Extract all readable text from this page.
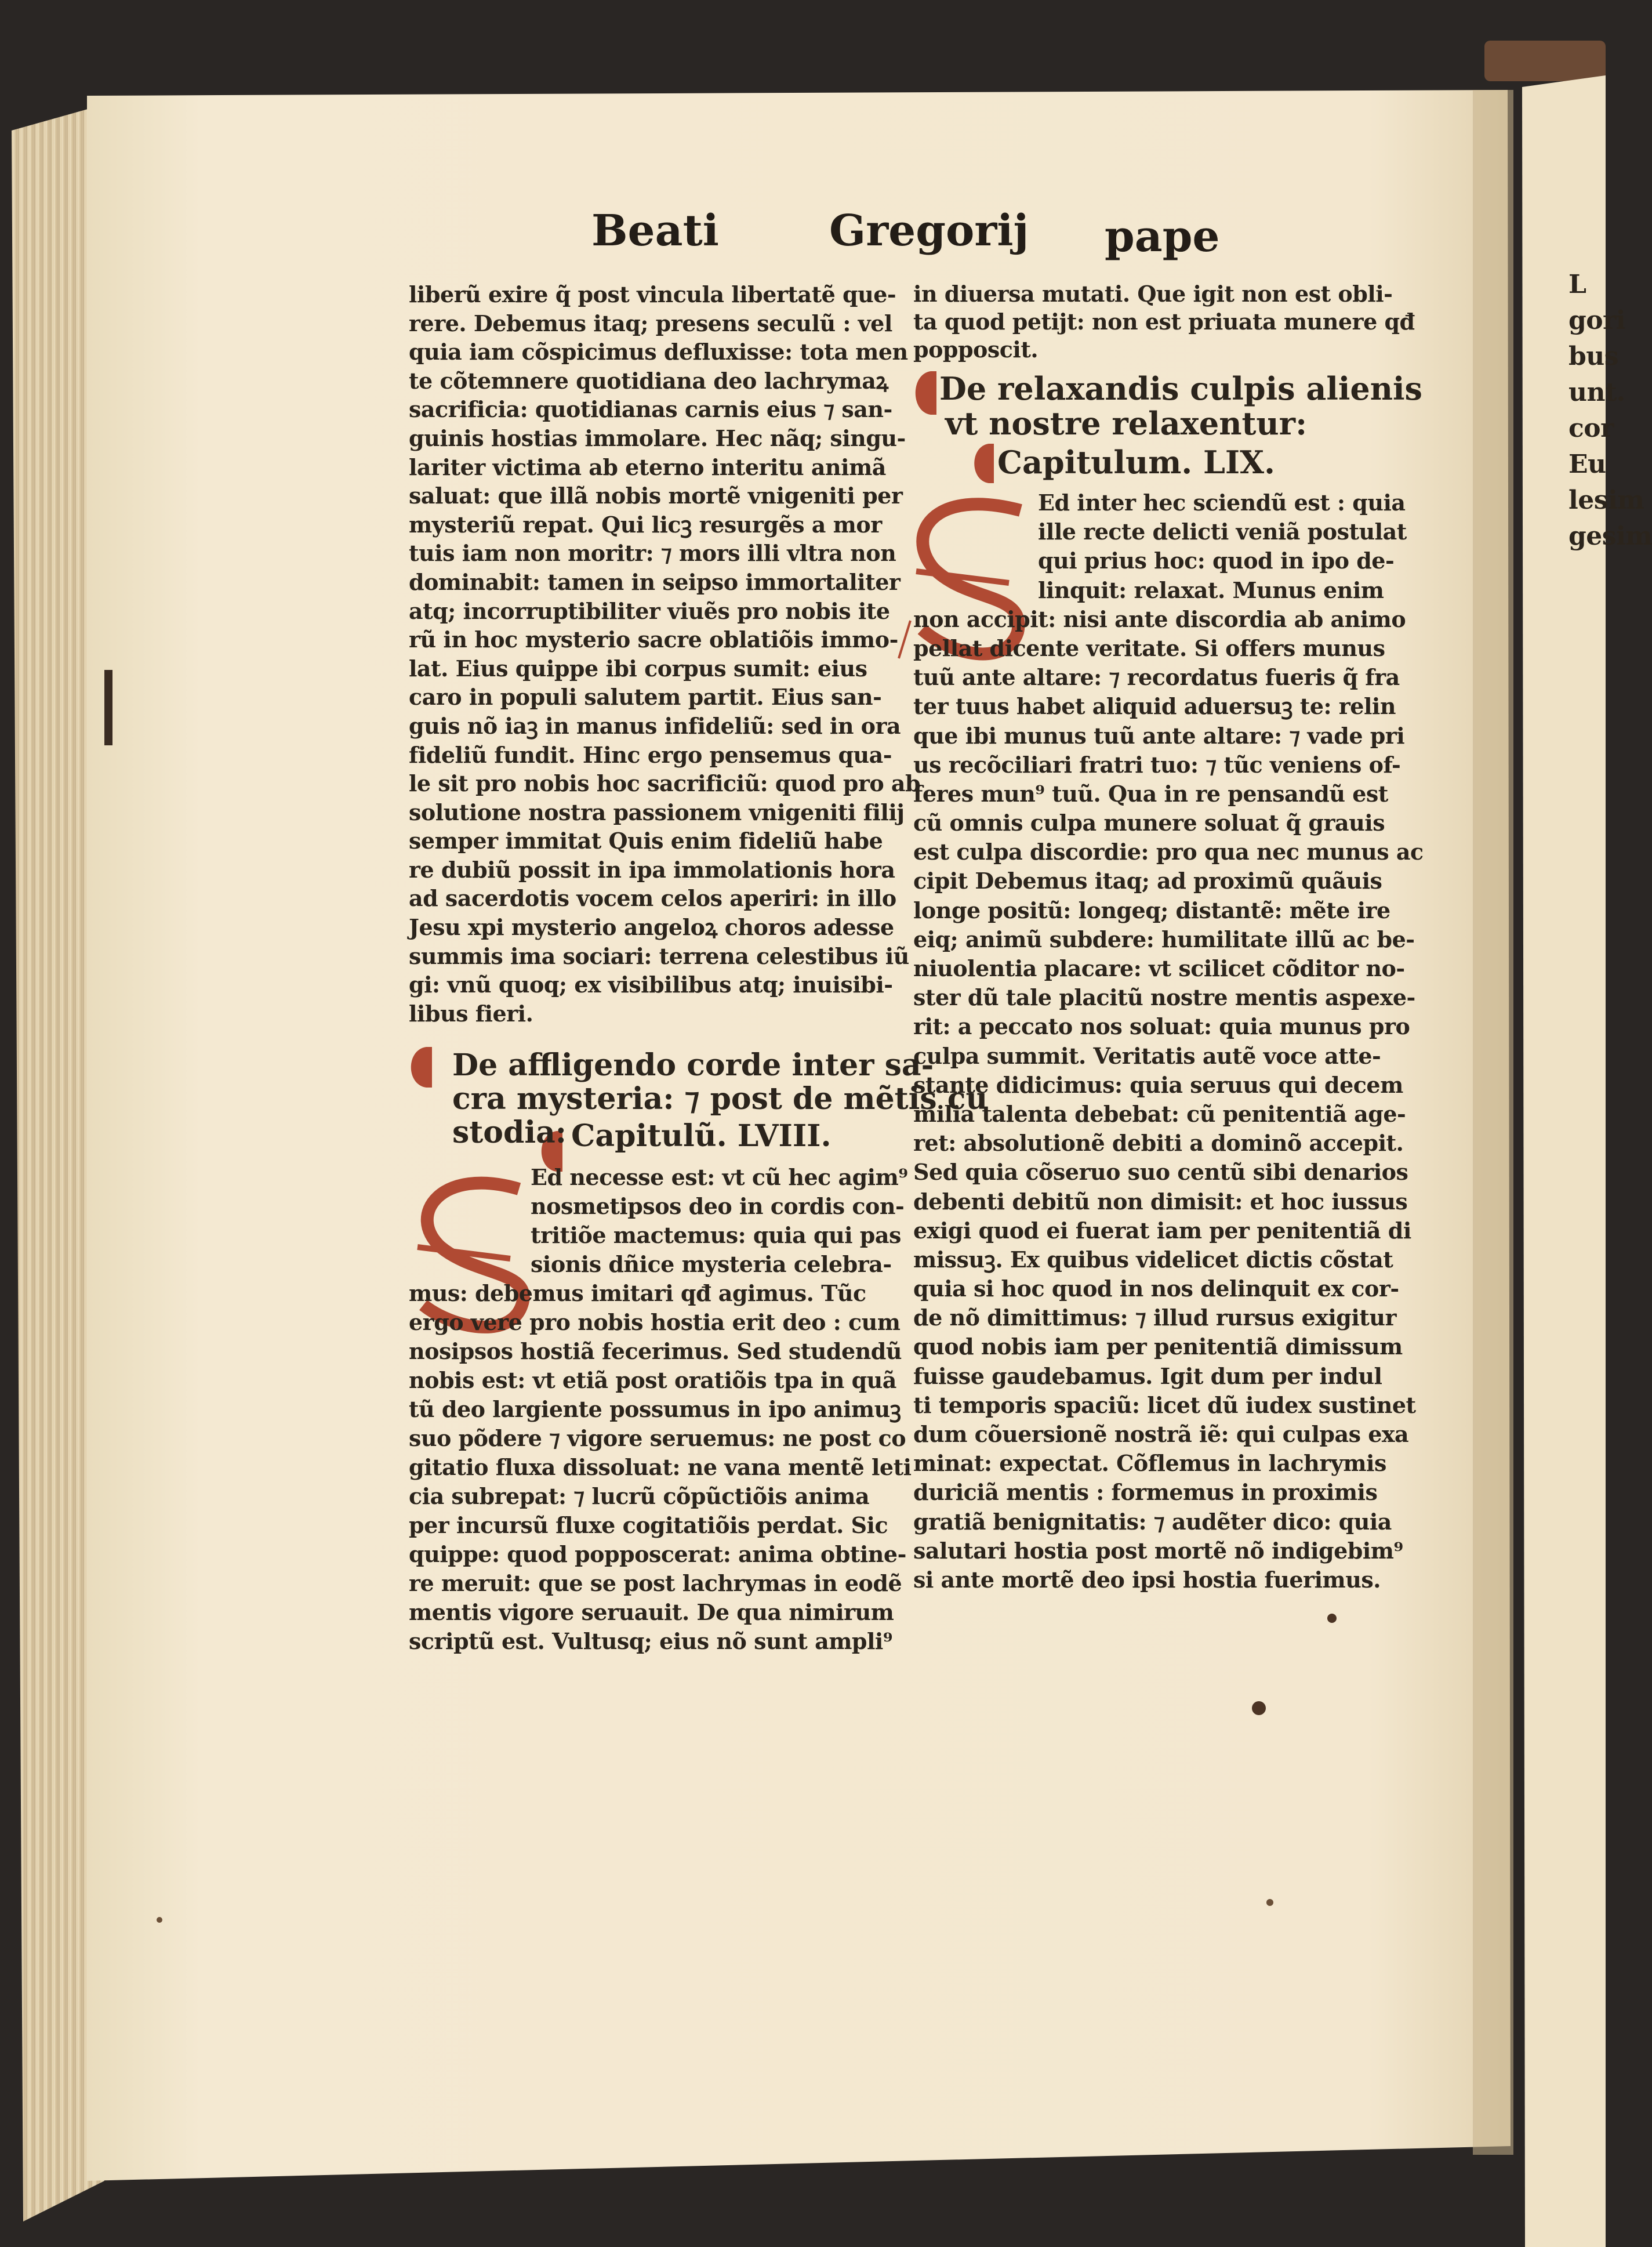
Beati	Gregorij pape
liberũ exire q̃ post vincula libertatẽ que-
rere. Debemus itaq; presens seculũ : vel
quia iam cõspicimus defluxisse: tota men
te cõtemnere quotidiana deo lachrymaꝝ
sacrificia: quotidianas carnis eius ⁊ san-
guinis hostias immolare. Hec nãq; singu-
lariter victima ab eterno interitu animã
saluat: que illã nobis mortẽ vnigeniti per
mysteriũ repat. Qui licꝫ resurgẽs a mor
tuis iam non moritr: ⁊ mors illi vltra non
dominabit: tamen in seipso immortaliter
atq; incorruptibiliter viuẽs pro nobis ite
rũ in hoc mysterio sacre oblatiõis immo-
lat. Eius quippe ibi corpus sumit: eius
caro in populi salutem partit. Eius san-
guis nõ iaꝫ in manus infideliũ: sed in ora
fideliũ fundit. Hinc ergo pensemus qua-
le sit pro nobis hoc sacrificiũ: quod pro ab
solutione nostra passionem vnigeniti filij
semper immitat Quis enim fideliũ habe
re dubiũ possit in ipa immolationis hora
ad sacerdotis vocem celos aperiri: in illo
Jesu xpi mysterio angeloꝝ choros adesse
summis ima sociari: terrena celestibus iũ
gi: vnũ quoq; ex visibilibus atq; inuisibi-
libus fieri.
De affligendo corde inter sa-
cra mysteria: ⁊ post de mẽtis cu
stodia: Capitulũ. LVIII.
Ed necesse est: vt cũ hec agim⁹
nosmetipsos deo in cordis con-
tritiõe mactemus: quia qui pas
sionis dñice mysteria celebra-
mus: debemus imitari qđ agimus. Tũc
ergo vere pro nobis hostia erit deo : cum
nosipsos hostiã fecerimus. Sed studendũ
nobis est: vt etiã post oratiõis tpa in quã
tũ deo largiente possumus in ipo animuꝫ
suo põdere ⁊ vigore seruemus: ne post co
gitatio fluxa dissoluat: ne vana mentẽ leti
cia subrepat: ⁊ lucrũ cõpũctiõis anima
per incursũ fluxe cogitatiõis perdat. Sic
quippe: quod popposcerat: anima obtine-
re meruit: que se post lachrymas in eodẽ
mentis vigore seruauit. De qua nimirum
scriptũ est. Vultusq; eius nõ sunt ampli⁹
in diuersa mutati. Que igit non est obli-
ta quod petijt: non est priuata munere qđ
popposcit.
De relaxandis culpis alienis
vt nostre relaxentur:
Capitulum. LIX.
Ed inter hec sciendũ est : quia
ille recte delicti veniã postulat
qui prius hoc: quod in ipo de-
linquit: relaxat. Munus enim
non accipit: nisi ante discordia ab animo
pellat dicente veritate. Si offers munus
tuũ ante altare: ⁊ recordatus fueris q̃ fra
ter tuus habet aliquid aduersuꝫ te: relin
que ibi munus tuũ ante altare: ⁊ vade pri
us recõciliari fratri tuo: ⁊ tũc veniens of-
feres mun⁹ tuũ. Qua in re pensandũ est
cũ omnis culpa munere soluat q̃ grauis
est culpa discordie: pro qua nec munus ac
cipit Debemus itaq; ad proximũ quãuis
longe positũ: longeq; distantẽ: mẽte ire
eiq; animũ subdere: humilitate illũ ac be-
niuolentia placare: vt scilicet cõditor no-
ster dũ tale placitũ nostre mentis aspexe-
rit: a peccato nos soluat: quia munus pro
culpa summit. Veritatis autẽ voce atte-
stante didicimus: quia seruus qui decem
milia talenta debebat: cũ penitentiã age-
ret: absolutionẽ debiti a dominõ accepit.
Sed quia cõseruo suo centũ sibi denarios
debenti debitũ non dimisit: et hoc iussus
exigi quod ei fuerat iam per penitentiã di
missuꝫ. Ex quibus videlicet dictis cõstat
quia si hoc quod in nos delinquit ex cor-
de nõ dimittimus: ⁊ illud rursus exigitur
quod nobis iam per penitentiã dimissum
fuisse gaudebamus. Igit dum per indul
ti temporis spaciũ: licet dũ iudex sustinet
dum cõuersionẽ nostrã iẽ: qui culpas exa
minat: expectat. Cõflemus in lachrymis
duriciã mentis : formemus in proximis
gratiã benignitatis: ⁊ audẽter dico: quia
salutari hostia post mortẽ nõ indigebim⁹
si ante mortẽ deo ipsi hostia fuerimus.
L
gori
bus
unt.
cor
Eu
lesim
gesim
